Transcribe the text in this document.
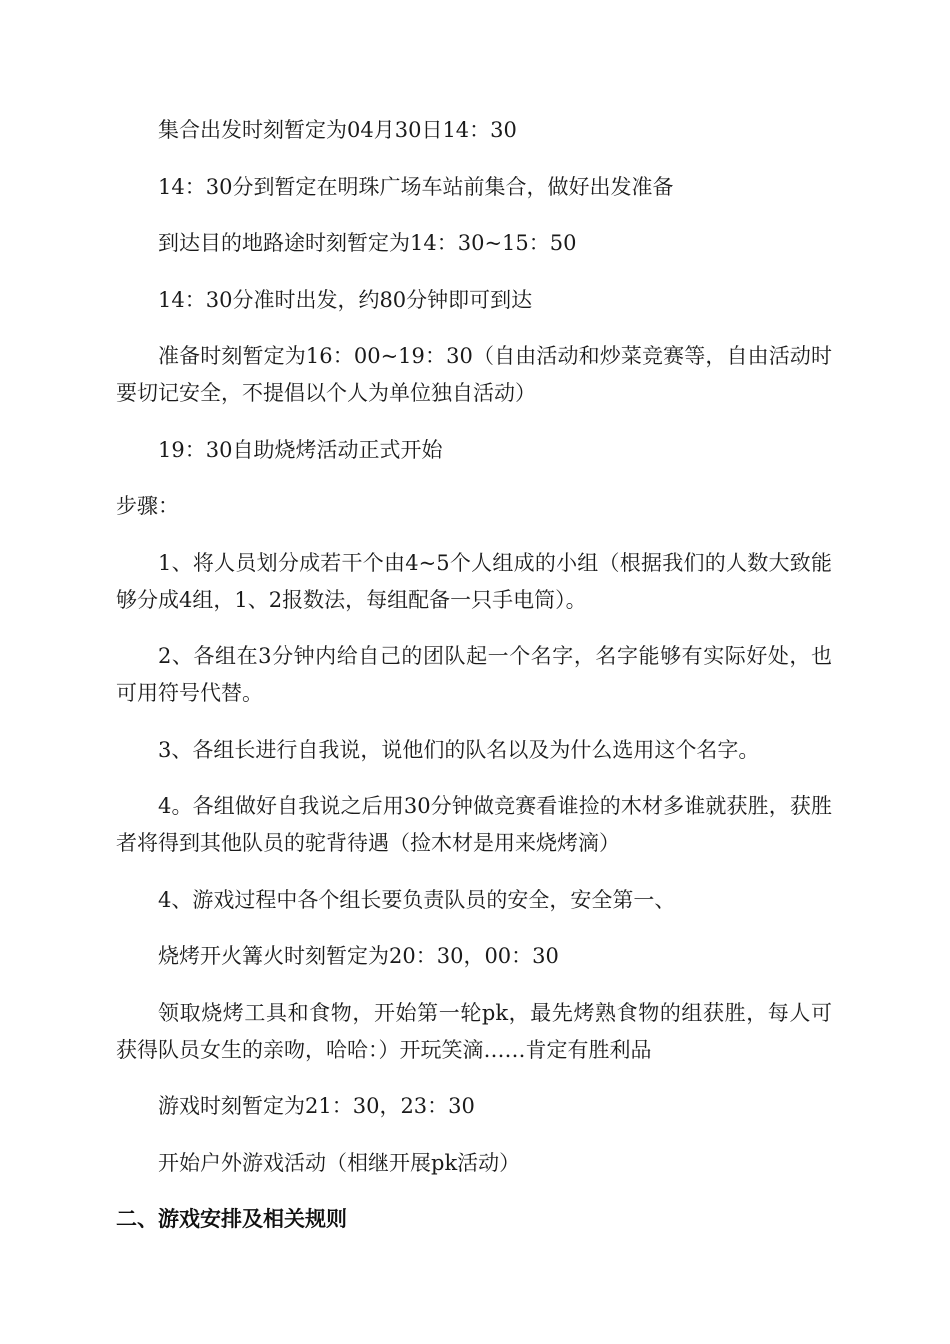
集合出发时刻暂定为04月30日14：30

14：30分到暂定在明珠广场车站前集合，做好出发准备

到达目的地路途时刻暂定为14：30~15：50

14：30分准时出发，约80分钟即可到达

准备时刻暂定为16：00~19：30（自由活动和炒菜竞赛等，自由活动时要切记安全，不提倡以个人为单位独自活动）

19：30自助烧烤活动正式开始

步骤：

1、将人员划分成若干个由4~5个人组成的小组（根据我们的人数大致能够分成4组，1、2报数法，每组配备一只手电筒）。

2、各组在3分钟内给自己的团队起一个名字，名字能够有实际好处，也可用符号代替。

3、各组长进行自我说，说他们的队名以及为什么选用这个名字。

4。各组做好自我说之后用30分钟做竞赛看谁捡的木材多谁就获胜，获胜者将得到其他队员的驼背待遇（捡木材是用来烧烤滴）

4、游戏过程中各个组长要负责队员的安全，安全第一、

烧烤开火篝火时刻暂定为20：30，00：30

领取烧烤工具和食物，开始第一轮pk，最先烤熟食物的组获胜，每人可获得队员女生的亲吻，哈哈：）开玩笑滴……肯定有胜利品

游戏时刻暂定为21：30，23：30

开始户外游戏活动（相继开展pk活动）

二、游戏安排及相关规则
